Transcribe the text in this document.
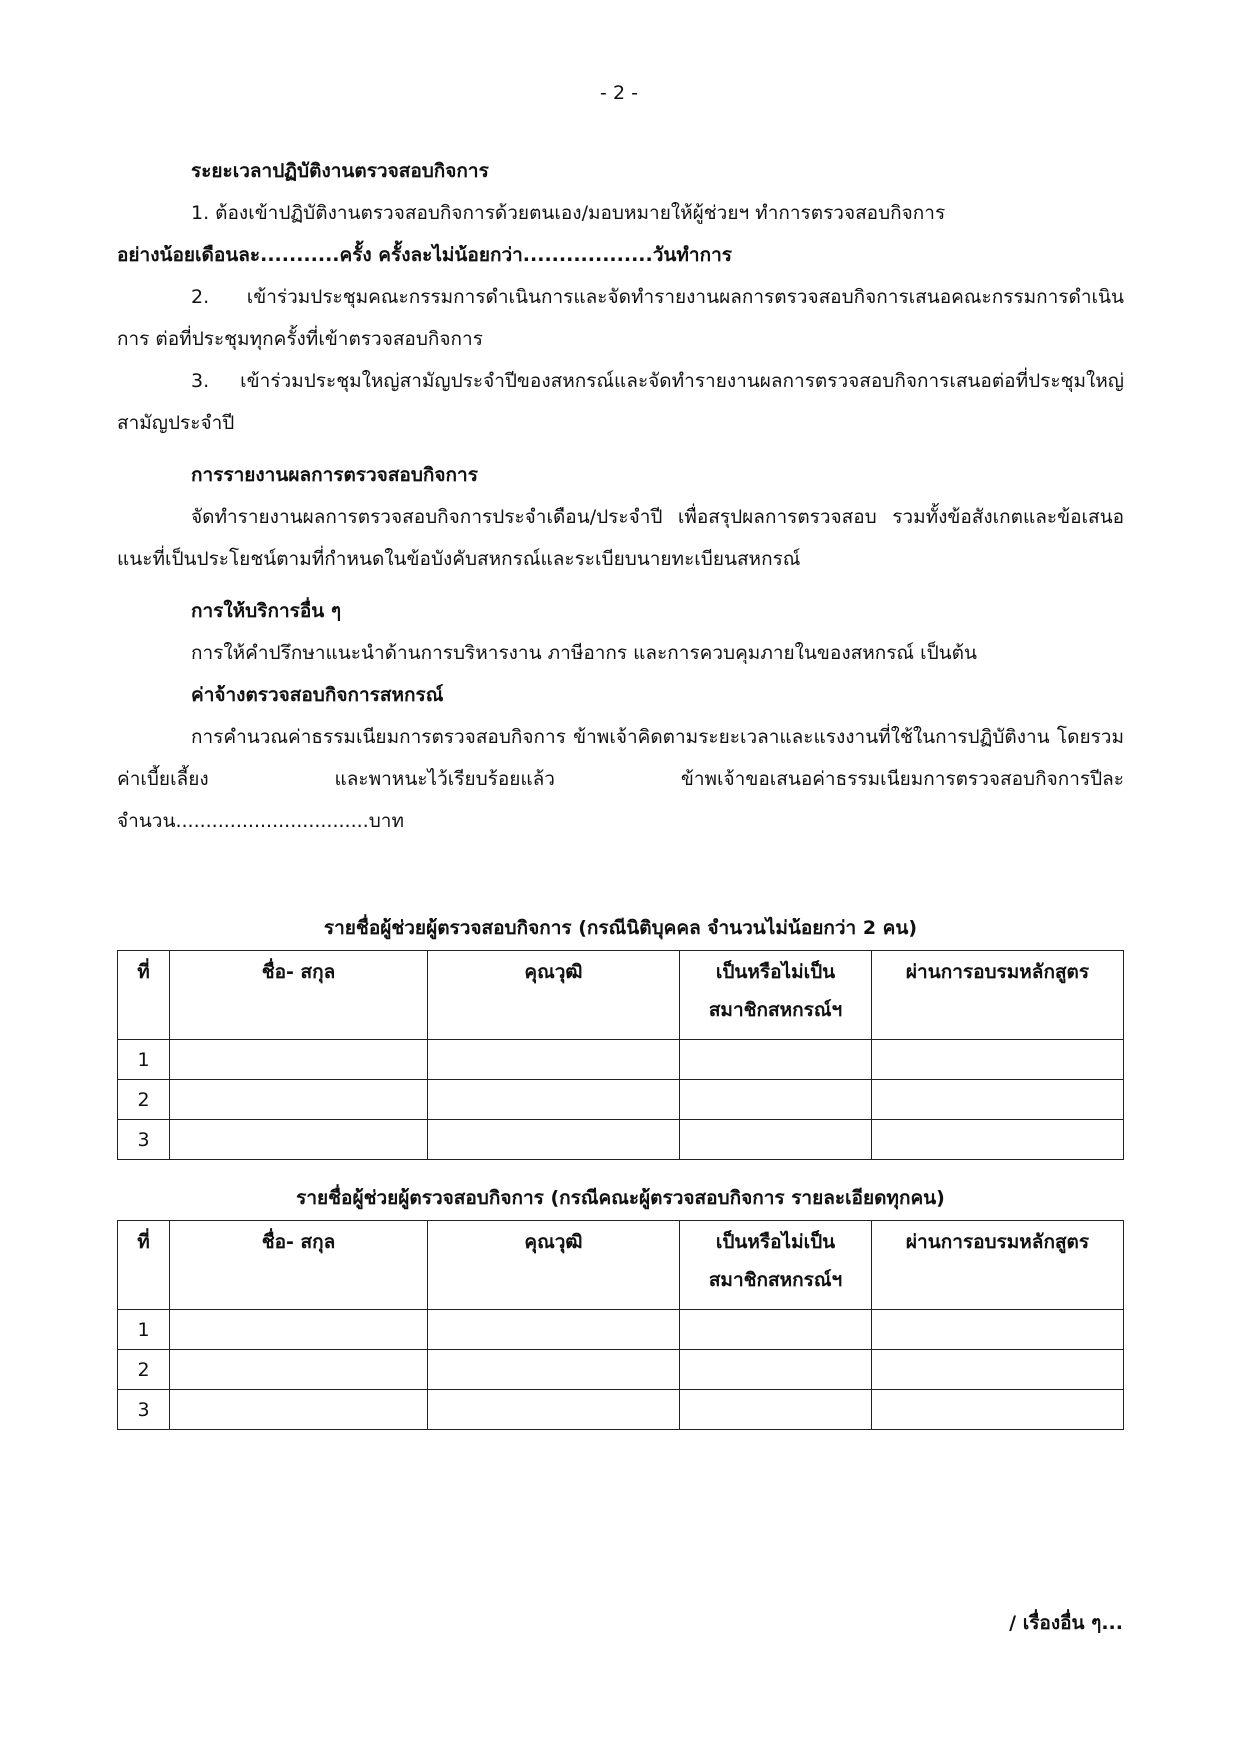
- 2 -
ระยะเวลาปฏิบัติงานตรวจสอบกิจการ
1. ต้องเข้าปฏิบัติงานตรวจสอบกิจการด้วยตนเอง/มอบหมายให้ผู้ช่วยฯ ทำการตรวจสอบกิจการ
อย่างน้อยเดือนละ...........ครั้ง ครั้งละไม่น้อยกว่า..................วันทำการ
2. เข้าร่วมประชุมคณะกรรมการดำเนินการและจัดทำรายงานผลการตรวจสอบกิจการเสนอคณะกรรมการดำเนินการ ต่อที่ประชุมทุกครั้งที่เข้าตรวจสอบกิจการ
3. เข้าร่วมประชุมใหญ่สามัญประจำปีของสหกรณ์และจัดทำรายงานผลการตรวจสอบกิจการเสนอต่อที่ประชุมใหญ่สามัญประจำปี
การรายงานผลการตรวจสอบกิจการ
จัดทำรายงานผลการตรวจสอบกิจการประจำเดือน/ประจำปี เพื่อสรุปผลการตรวจสอบ รวมทั้งข้อสังเกตและข้อเสนอแนะที่เป็นประโยชน์ตามที่กำหนดในข้อบังคับสหกรณ์และระเบียบนายทะเบียนสหกรณ์
การให้บริการอื่น ๆ
การให้คำปรึกษาแนะนำด้านการบริหารงาน ภาษีอากร และการควบคุมภายในของสหกรณ์ เป็นต้น
ค่าจ้างตรวจสอบกิจการสหกรณ์
การคำนวณค่าธรรมเนียมการตรวจสอบกิจการ ข้าพเจ้าคิดตามระยะเวลาและแรงงานที่ใช้ในการปฏิบัติงาน โดยรวมค่าเบี้ยเลี้ยง และพาหนะไว้เรียบร้อยแล้ว ข้าพเจ้าขอเสนอค่าธรรมเนียมการตรวจสอบกิจการปีละ จำนวน................................บาท
รายชื่อผู้ช่วยผู้ตรวจสอบกิจการ (กรณีนิติบุคคล จำนวนไม่น้อยกว่า 2 คน)
ที่	ชื่อ- สกุล	คุณวุฒิ	เป็นหรือไม่เป็น
สมาชิกสหกรณ์ฯ	ผ่านการอบรมหลักสูตร
1				
2				
3				
รายชื่อผู้ช่วยผู้ตรวจสอบกิจการ (กรณีคณะผู้ตรวจสอบกิจการ รายละเอียดทุกคน)
ที่	ชื่อ- สกุล	คุณวุฒิ	เป็นหรือไม่เป็น
สมาชิกสหกรณ์ฯ	ผ่านการอบรมหลักสูตร
1				
2				
3				
/ เรื่องอื่น ๆ...
